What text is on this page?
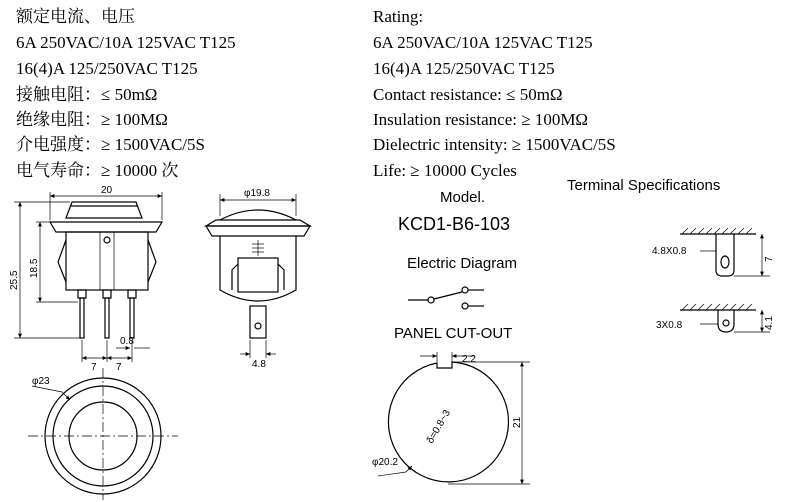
额定电流、电压
6A 250VAC/10A 125VAC T125
16(4)A 125/250VAC T125
接触电阻：≤ 50mΩ
绝缘电阻：≥ 100MΩ
介电强度：≥ 1500VAC/5S
电气寿命：≥ 10000 次
Rating:
6A 250VAC/10A 125VAC T125
16(4)A 125/250VAC T125
Contact resistance: ≤ 50mΩ
Insulation resistance: ≥ 100MΩ
Dielectric intensity: ≥ 1500VAC/5S
Life: ≥ 10000 Cycles
Model.
KCD1-B6-103
Electric Diagram
PANEL CUT-OUT
Terminal Specifications
20
25.5
18.5
7 7
0.8
φ19.8
4.8
φ23
2.2
21
φ20.2
δ=0.8~3
4.8X0.8
7
3X0.8	4.1
